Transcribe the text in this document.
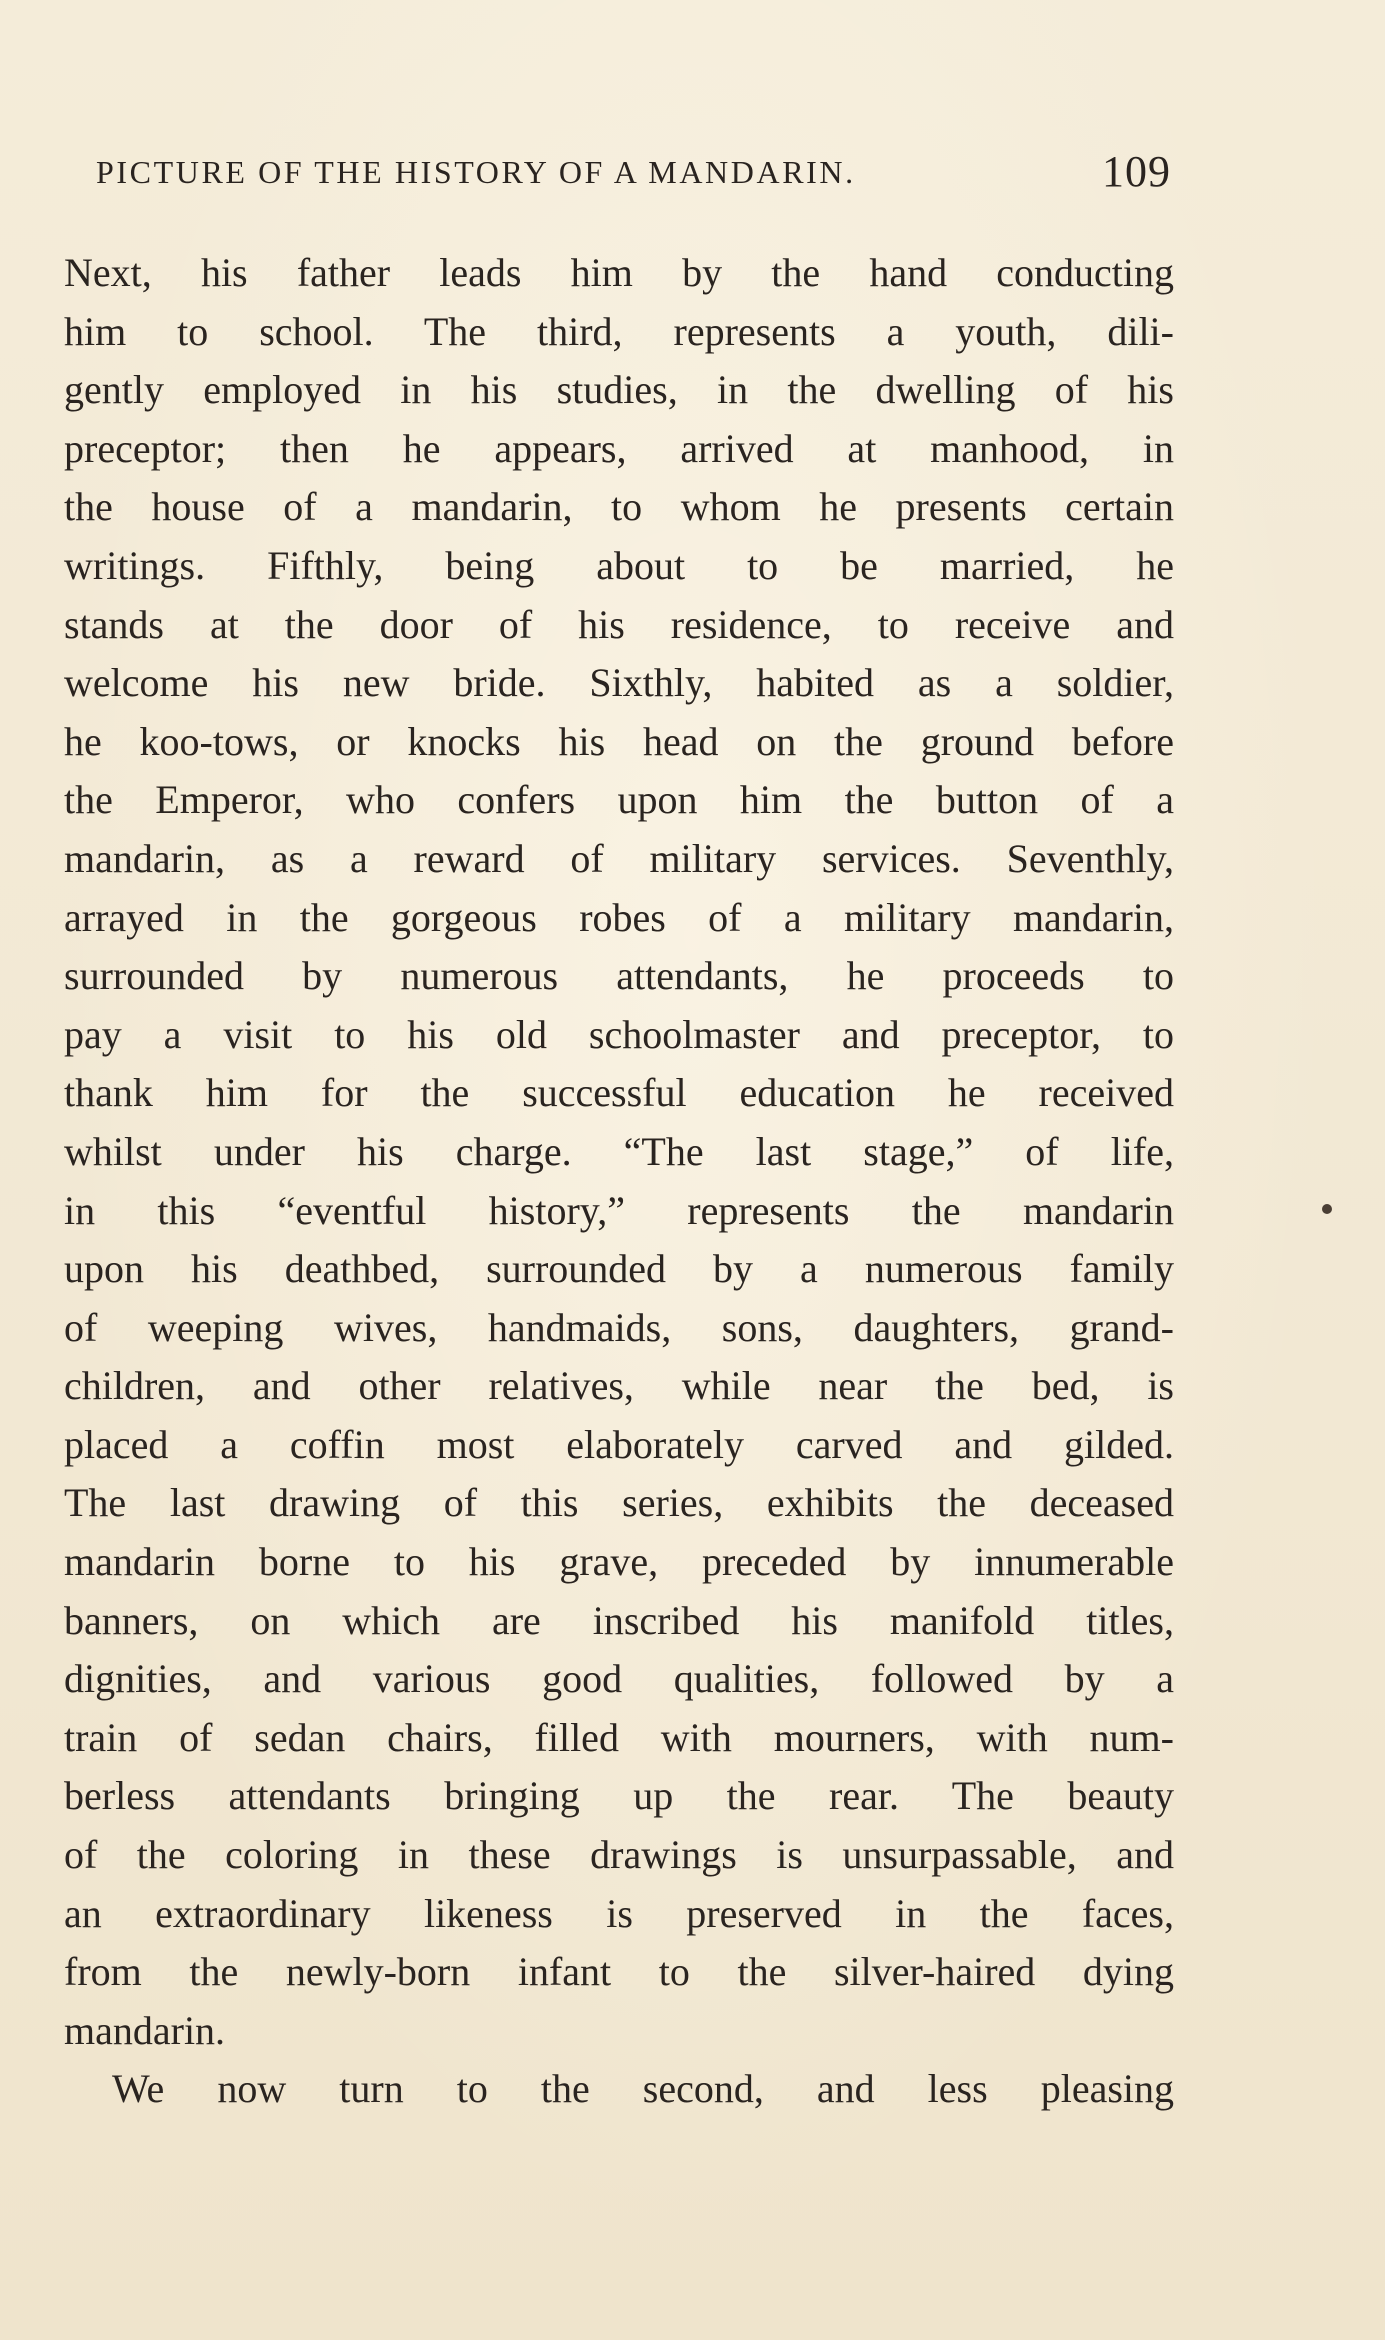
PICTURE OF THE HISTORY OF A MANDARIN.	109
Next, his father leads him by the hand conducting
him to school. The third, represents a youth, dili-
gently employed in his studies, in the dwelling of his
preceptor; then he appears, arrived at manhood, in
the house of a mandarin, to whom he presents certain
writings. Fifthly, being about to be married, he
stands at the door of his residence, to receive and
welcome his new bride. Sixthly, habited as a soldier,
he koo-tows, or knocks his head on the ground before
the Emperor, who confers upon him the button of a
mandarin, as a reward of military services. Seventhly,
arrayed in the gorgeous robes of a military mandarin,
surrounded by numerous attendants, he proceeds to
pay a visit to his old schoolmaster and preceptor, to
thank him for the successful education he received
whilst under his charge. “The last stage,” of life,
in this “eventful history,” represents the mandarin
upon his deathbed, surrounded by a numerous family
of weeping wives, handmaids, sons, daughters, grand-
children, and other relatives, while near the bed, is
placed a coffin most elaborately carved and gilded.
The last drawing of this series, exhibits the deceased
mandarin borne to his grave, preceded by innumerable
banners, on which are inscribed his manifold titles,
dignities, and various good qualities, followed by a
train of sedan chairs, filled with mourners, with num-
berless attendants bringing up the rear. The beauty
of the coloring in these drawings is unsurpassable, and
an extraordinary likeness is preserved in the faces,
from the newly-born infant to the silver-haired dying
mandarin.
We now turn to the second, and less pleasing
